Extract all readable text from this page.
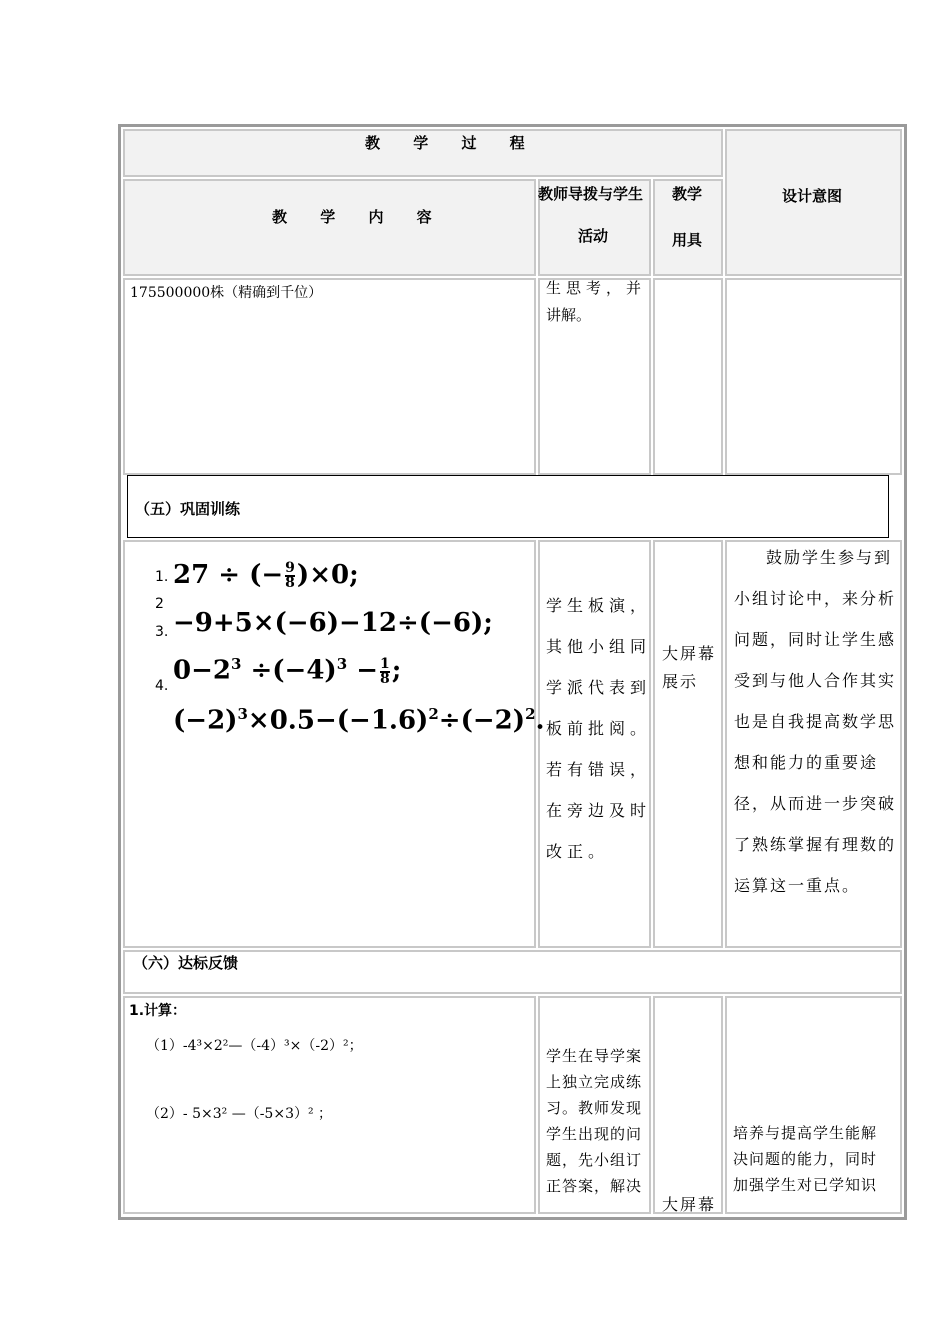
教 学 过 程
设计意图
教 学 内 容
教师导拨与学生
活动
教学
用具
175500000株（精确到千位）	生思考，并
讲解。
（五）巩固训练
1.
2
3.
4.
27 ÷ (− $\frac{9}{8} )\times 0$;
−9+5×(−6)−12÷(−6);
$0-2^3 \div(-4)^3 - \frac{1}{8}$ ;
$(-2)^3\times 0.5-(-1.6)^2\div(-2)^2$.
学生板演，
其他小组同
学派代表到
板前批阅。
若有错误，
在旁边及时
改正。
大屏幕
展示
鼓励学生参与到
小组讨论中，来分析
问题，同时让学生感
受到与他人合作其实
也是自我提高数学思
想和能力的重要途
径，从而进一步突破
了熟练掌握有理数的
运算这一重点。
（六）达标反馈
1.计算：
（1）-4³×2²—（-4）³×（-2）²；
（2）- 5×3² —（-5×3）² ；
学生在导学案
上独立完成练
习。教师发现
学生出现的问
题，先小组订
正答案，解决
大屏幕
培养与提高学生能解
决问题的能力，同时
加强学生对已学知识
